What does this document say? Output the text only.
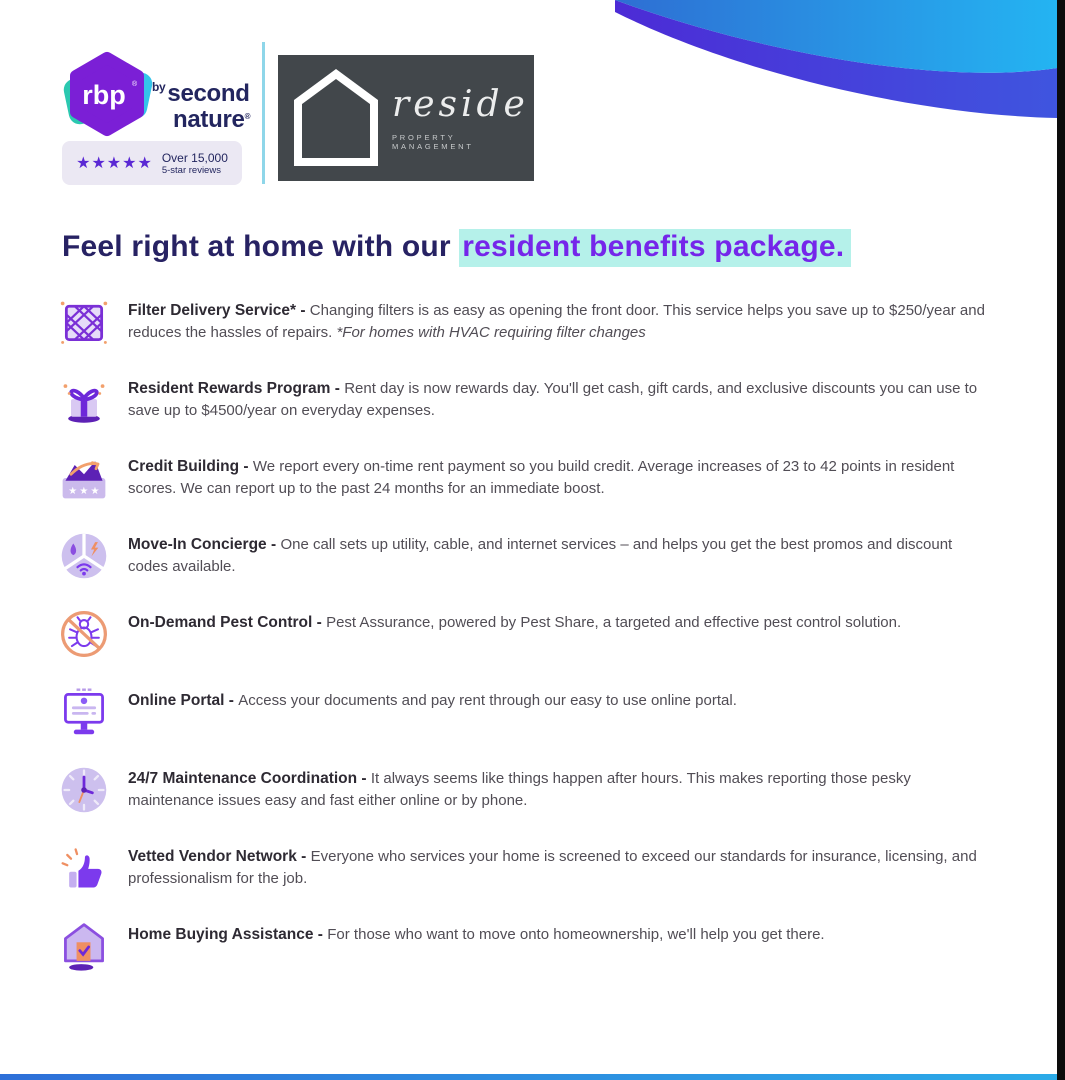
rbp ® $^{by}$second
nature®
★★★★★ Over 15,000
5-star reviews
reside
PROPERTY MANAGEMENT
Feel right at home with our resident benefits package.
Filter Delivery Service* - Changing filters is as easy as opening the front door. This service helps you save up to $250/year and reduces the hassles of repairs. *For homes with HVAC requiring filter changes
Resident Rewards Program - Rent day is now rewards day. You'll get cash, gift cards, and exclusive discounts you can use to save up to $4500/year on everyday expenses.
★ ★ ★
Credit Building - We report every on-time rent payment so you build credit. Average increases of 23 to 42 points in resident scores. We can report up to the past 24 months for an immediate boost.
Move-In Concierge - One call sets up utility, cable, and internet services – and helps you get the best promos and discount codes available.
On-Demand Pest Control - Pest Assurance, powered by Pest Share, a targeted and effective pest control solution.
Online Portal - Access your documents and pay rent through our easy to use online portal.
24/7 Maintenance Coordination - It always seems like things happen after hours. This makes reporting those pesky maintenance issues easy and fast either online or by phone.
Vetted Vendor Network - Everyone who services your home is screened to exceed our standards for insurance, licensing, and professionalism for the job.
Home Buying Assistance - For those who want to move onto homeownership, we'll help you get there.
